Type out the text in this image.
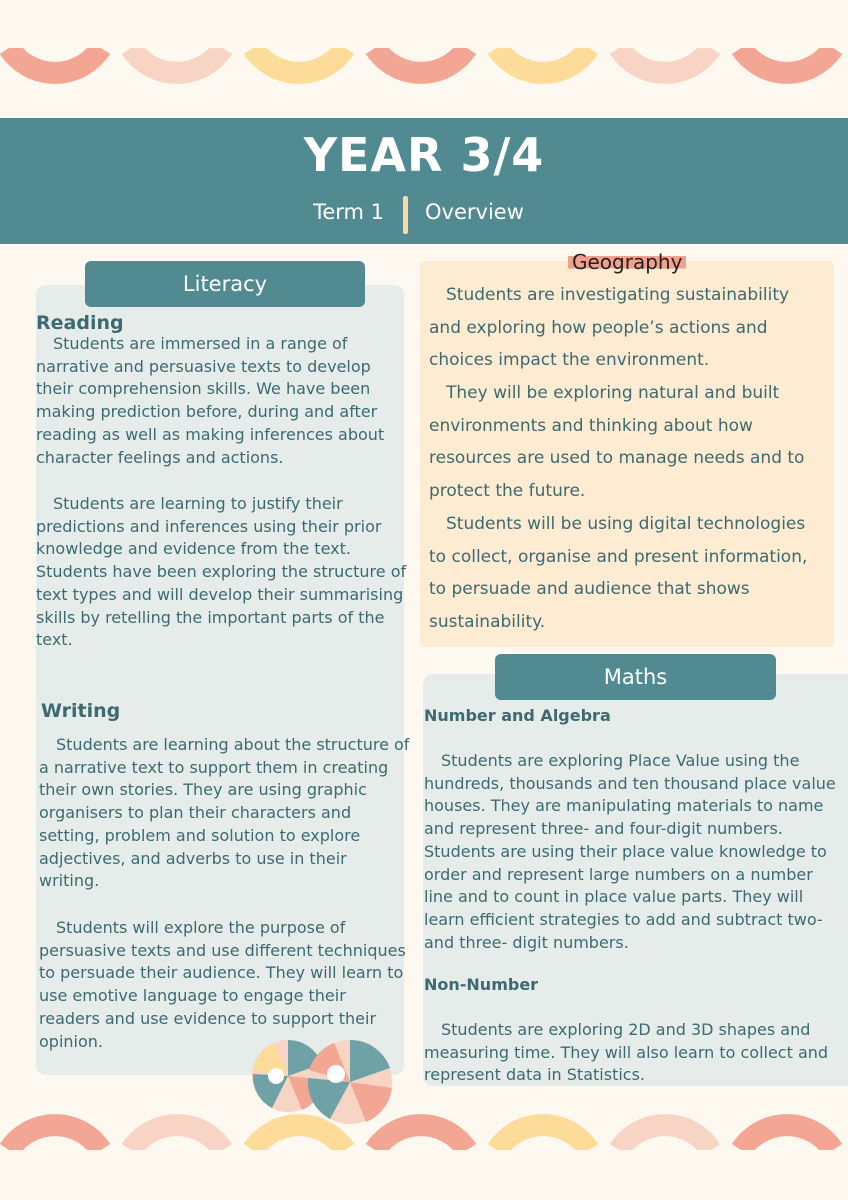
YEAR 3/4
Term 1 Overview
Literacy
Reading

Students are immersed in a range of narrative and persuasive texts to develop their comprehension skills. We have been making prediction before, during and after reading as well as making inferences about character feelings and actions.

Students are learning to justify their predictions and inferences using their prior knowledge and evidence from the text. Students have been exploring the structure of text types and will develop their summarising skills by retelling the important parts of the text.

Writing

Students are learning about the structure of a narrative text to support them in creating their own stories. They are using graphic organisers to plan their characters and setting, problem and solution to explore adjectives, and adverbs to use in their writing.

Students will explore the purpose of persuasive texts and use different techniques to persuade their audience. They will learn to use emotive language to engage their readers and use evidence to support their opinion.

Geography

Students are investigating sustainability
and exploring how people’s actions and
choices impact the environment.

They will be exploring natural and built
environments and thinking about how
resources are used to manage needs and to
protect the future.

Students will be using digital technologies
to collect, organise and present information,
to persuade and audience that shows
sustainability.

Maths
Number and Algebra

Students are exploring Place Value using the hundreds, thousands and ten thousand place value houses. They are manipulating materials to name and represent three- and four-digit numbers. Students are using their place value knowledge to order and represent large numbers on a number line and to count in place value parts. They will learn efficient strategies to add and subtract two- and three- digit numbers.

Non-Number

Students are exploring 2D and 3D shapes and measuring time. They will also learn to collect and represent data in Statistics.
